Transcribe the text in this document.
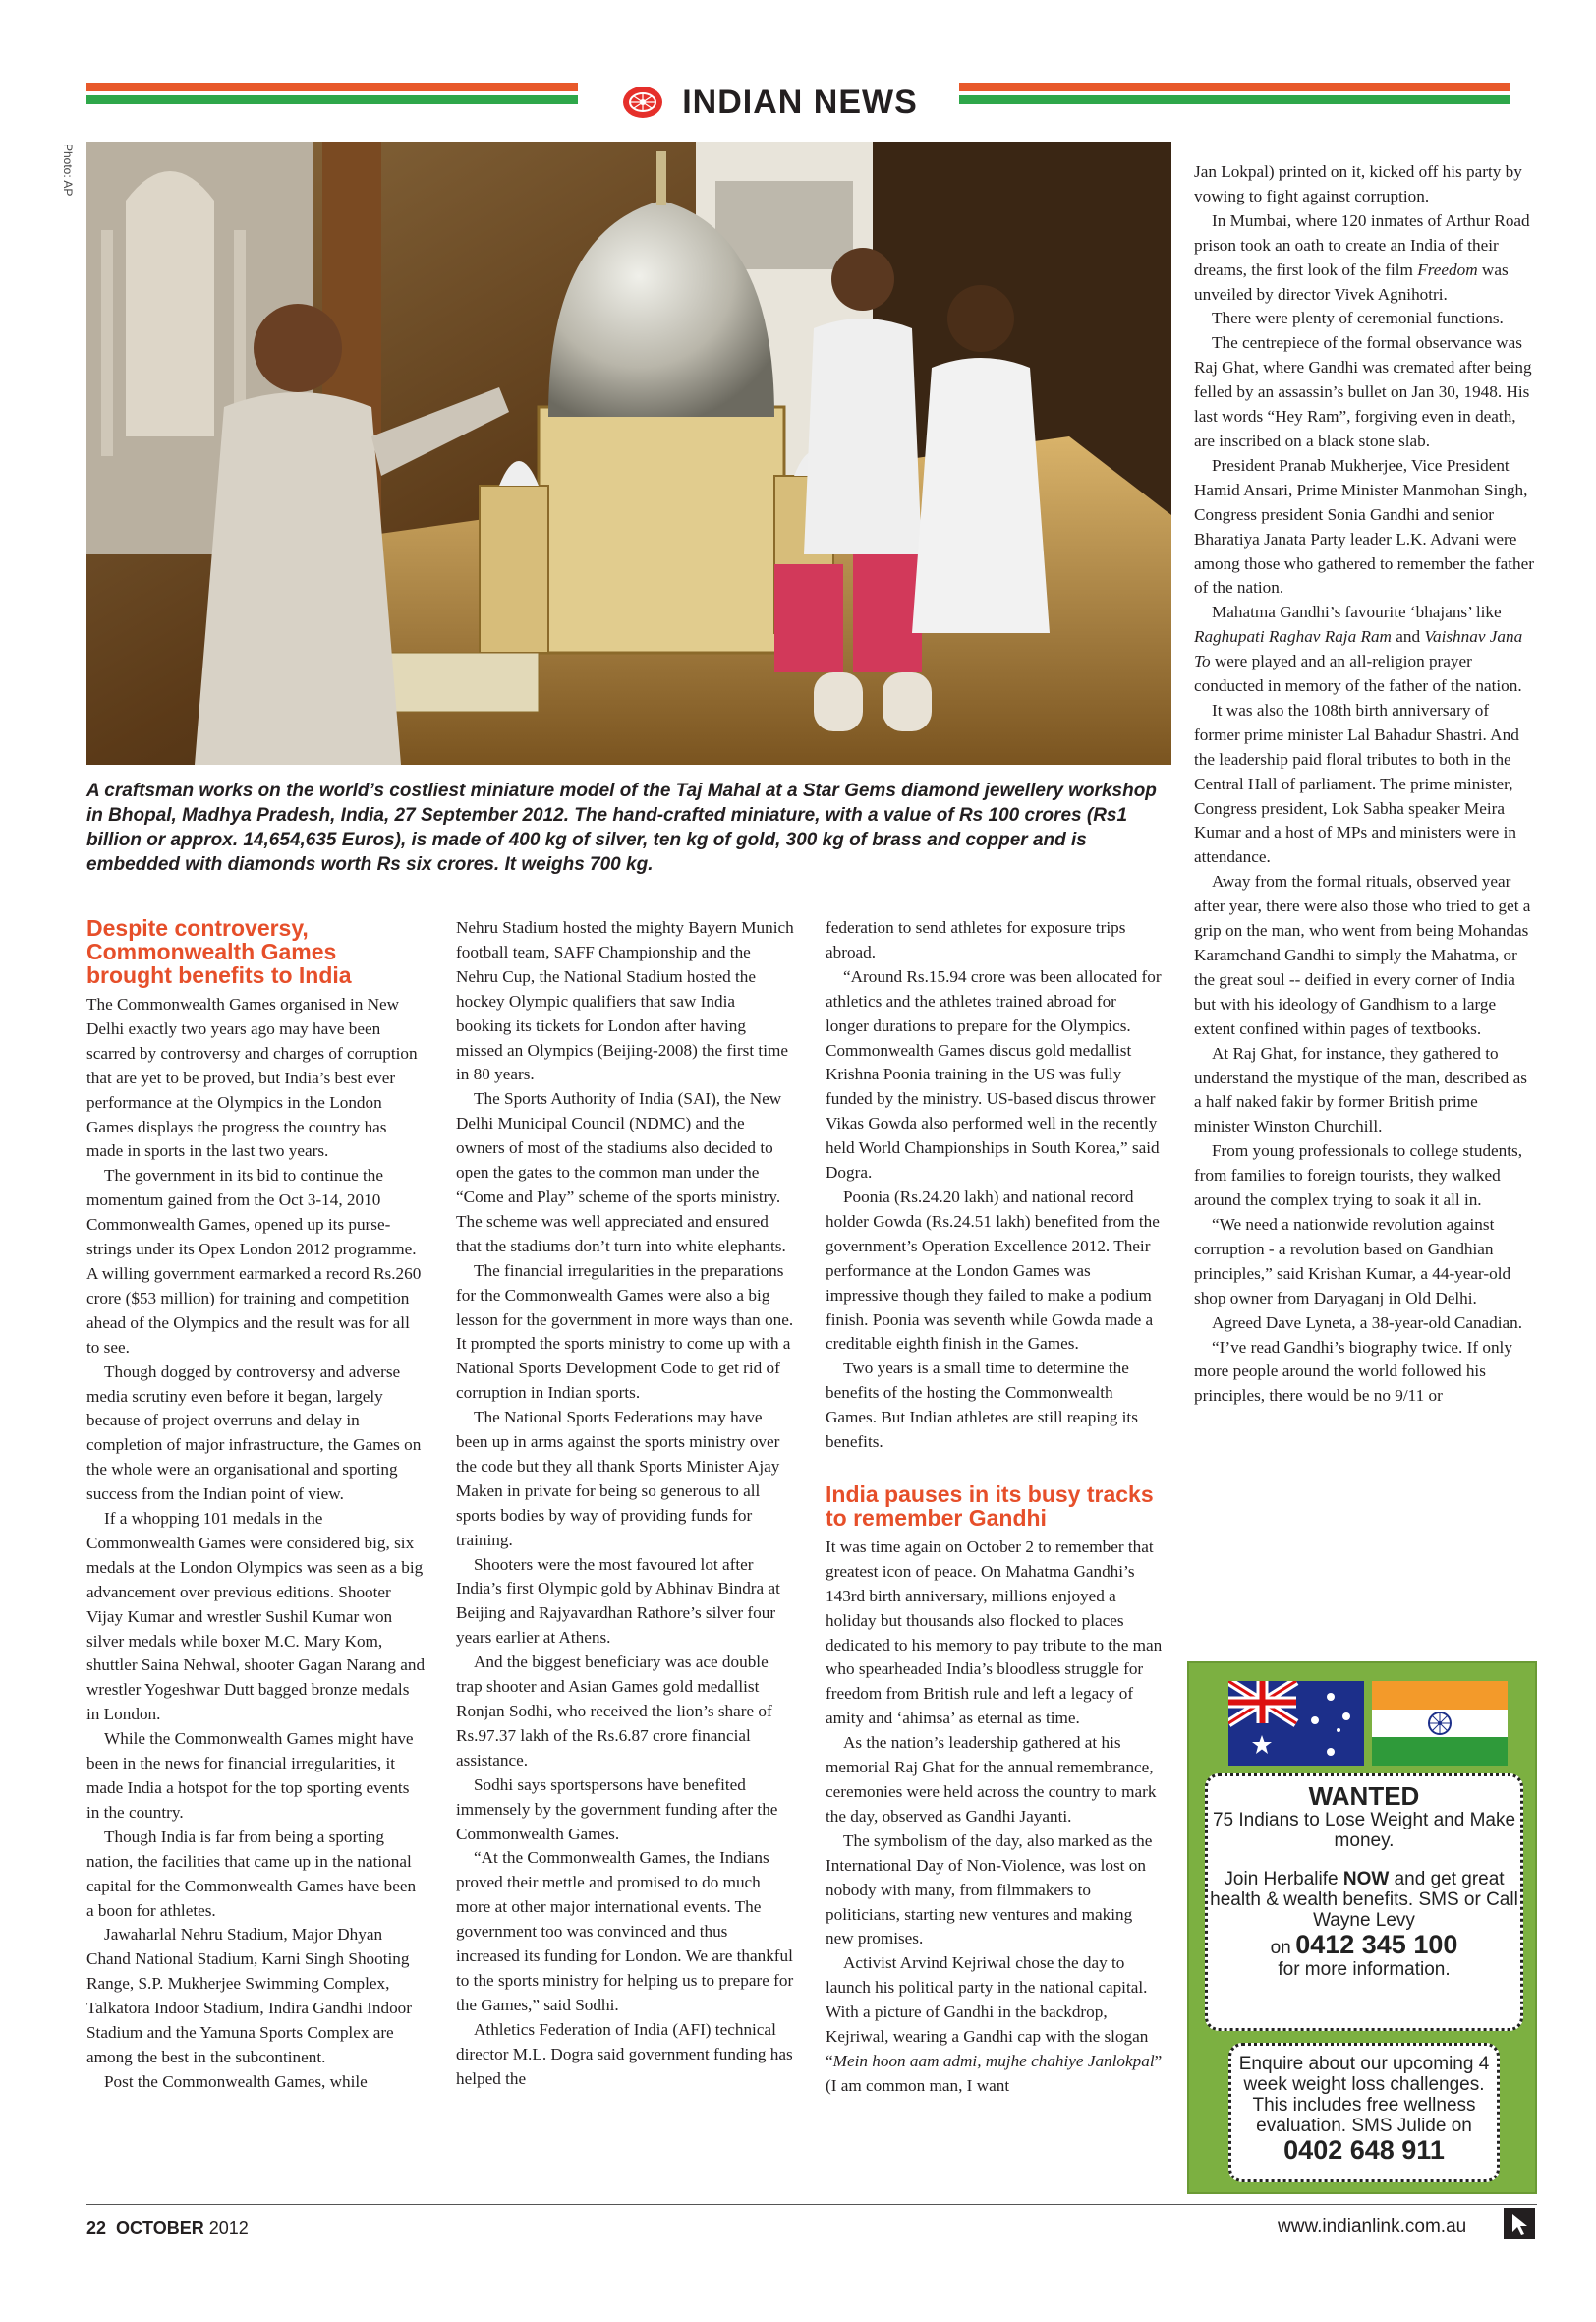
INDIAN NEWS
Photo: AP
A craftsman works on the world’s costliest miniature model of the Taj Mahal at a Star Gems diamond jewellery workshop in Bhopal, Madhya Pradesh, India, 27 September 2012. The hand-crafted miniature, with a value of Rs 100 crores (Rs1 billion or approx. 14,654,635 Euros), is made of 400 kg of silver, ten kg of gold, 300 kg of brass and copper and is embedded with diamonds worth Rs six crores. It weighs 700 kg.
Despite controversy, Commonwealth Games brought benefits to India

The Commonwealth Games organised in New Delhi exactly two years ago may have been scarred by controversy and charges of corruption that are yet to be proved, but India’s best ever performance at the Olympics in the London Games displays the progress the country has made in sports in the last two years.

The government in its bid to continue the momentum gained from the Oct 3-14, 2010 Commonwealth Games, opened up its purse-strings under its Opex London 2012 programme. A willing government earmarked a record Rs.260 crore ($53 million) for training and competition ahead of the Olympics and the result was for all to see.

Though dogged by controversy and adverse media scrutiny even before it began, largely because of project overruns and delay in completion of major infrastructure, the Games on the whole were an organisational and sporting success from the Indian point of view.

If a whopping 101 medals in the Commonwealth Games were considered big, six medals at the London Olympics was seen as a big advancement over previous editions. Shooter Vijay Kumar and wrestler Sushil Kumar won silver medals while boxer M.C. Mary Kom, shuttler Saina Nehwal, shooter Gagan Narang and wrestler Yogeshwar Dutt bagged bronze medals in London.

While the Commonwealth Games might have been in the news for financial irregularities, it made India a hotspot for the top sporting events in the country.

Though India is far from being a sporting nation, the facilities that came up in the national capital for the Commonwealth Games have been a boon for athletes.

Jawaharlal Nehru Stadium, Major Dhyan Chand National Stadium, Karni Singh Shooting Range, S.P. Mukherjee Swimming Complex, Talkatora Indoor Stadium, Indira Gandhi Indoor Stadium and the Yamuna Sports Complex are among the best in the subcontinent.

Post the Commonwealth Games, while

Nehru Stadium hosted the mighty Bayern Munich football team, SAFF Championship and the Nehru Cup, the National Stadium hosted the hockey Olympic qualifiers that saw India booking its tickets for London after having missed an Olympics (Beijing-2008) the first time in 80 years.

The Sports Authority of India (SAI), the New Delhi Municipal Council (NDMC) and the owners of most of the stadiums also decided to open the gates to the common man under the “Come and Play” scheme of the sports ministry. The scheme was well appreciated and ensured that the stadiums don’t turn into white elephants.

The financial irregularities in the preparations for the Commonwealth Games were also a big lesson for the government in more ways than one. It prompted the sports ministry to come up with a National Sports Development Code to get rid of corruption in Indian sports.

The National Sports Federations may have been up in arms against the sports ministry over the code but they all thank Sports Minister Ajay Maken in private for being so generous to all sports bodies by way of providing funds for training.

Shooters were the most favoured lot after India’s first Olympic gold by Abhinav Bindra at Beijing and Rajyavardhan Rathore’s silver four years earlier at Athens.

And the biggest beneficiary was ace double trap shooter and Asian Games gold medallist Ronjan Sodhi, who received the lion’s share of Rs.97.37 lakh of the Rs.6.87 crore financial assistance.

Sodhi says sportspersons have benefited immensely by the government funding after the Commonwealth Games.

“At the Commonwealth Games, the Indians proved their mettle and promised to do much more at other major international events. The government too was convinced and thus increased its funding for London. We are thankful to the sports ministry for helping us to prepare for the Games,” said Sodhi.

Athletics Federation of India (AFI) technical director M.L. Dogra said government funding has helped the

federation to send athletes for exposure trips abroad.

“Around Rs.15.94 crore was been allocated for athletics and the athletes trained abroad for longer durations to prepare for the Olympics. Commonwealth Games discus gold medallist Krishna Poonia training in the US was fully funded by the ministry. US-based discus thrower Vikas Gowda also performed well in the recently held World Championships in South Korea,” said Dogra.

Poonia (Rs.24.20 lakh) and national record holder Gowda (Rs.24.51 lakh) benefited from the government’s Operation Excellence 2012. Their performance at the London Games was impressive though they failed to make a podium finish. Poonia was seventh while Gowda made a creditable eighth finish in the Games.

Two years is a small time to determine the benefits of the hosting the Commonwealth Games. But Indian athletes are still reaping its benefits.

India pauses in its busy tracks to remember Gandhi

It was time again on October 2 to remember that greatest icon of peace. On Mahatma Gandhi’s 143rd birth anniversary, millions enjoyed a holiday but thousands also flocked to places dedicated to his memory to pay tribute to the man who spearheaded India’s bloodless struggle for freedom from British rule and left a legacy of amity and ‘ahimsa’ as eternal as time.

As the nation’s leadership gathered at his memorial Raj Ghat for the annual remembrance, ceremonies were held across the country to mark the day, observed as Gandhi Jayanti.

The symbolism of the day, also marked as the International Day of Non-Violence, was lost on nobody with many, from filmmakers to politicians, starting new ventures and making new promises.

Activist Arvind Kejriwal chose the day to launch his political party in the national capital. With a picture of Gandhi in the backdrop, Kejriwal, wearing a Gandhi cap with the slogan “Mein hoon aam admi, mujhe chahiye Janlokpal” (I am common man, I want

Jan Lokpal) printed on it, kicked off his party by vowing to fight against corruption.

In Mumbai, where 120 inmates of Arthur Road prison took an oath to create an India of their dreams, the first look of the film Freedom was unveiled by director Vivek Agnihotri.

There were plenty of ceremonial functions.

The centrepiece of the formal observance was Raj Ghat, where Gandhi was cremated after being felled by an assassin’s bullet on Jan 30, 1948. His last words “Hey Ram”, forgiving even in death, are inscribed on a black stone slab.

President Pranab Mukherjee, Vice President Hamid Ansari, Prime Minister Manmohan Singh, Congress president Sonia Gandhi and senior Bharatiya Janata Party leader L.K. Advani were among those who gathered to remember the father of the nation.

Mahatma Gandhi’s favourite ‘bhajans’ like Raghupati Raghav Raja Ram and Vaishnav Jana To were played and an all-religion prayer conducted in memory of the father of the nation.

It was also the 108th birth anniversary of former prime minister Lal Bahadur Shastri. And the leadership paid floral tributes to both in the Central Hall of parliament. The prime minister, Congress president, Lok Sabha speaker Meira Kumar and a host of MPs and ministers were in attendance.

Away from the formal rituals, observed year after year, there were also those who tried to get a grip on the man, who went from being Mohandas Karamchand Gandhi to simply the Mahatma, or the great soul -- deified in every corner of India but with his ideology of Gandhism to a large extent confined within pages of textbooks.

At Raj Ghat, for instance, they gathered to understand the mystique of the man, described as a half naked fakir by former British prime minister Winston Churchill.

From young professionals to college students, from families to foreign tourists, they walked around the complex trying to soak it all in.

“We need a nationwide revolution against corruption - a revolution based on Gandhian principles,” said Krishan Kumar, a 44-year-old shop owner from Daryaganj in Old Delhi.

Agreed Dave Lyneta, a 38-year-old Canadian.

“I’ve read Gandhi’s biography twice. If only more people around the world followed his principles, there would be no 9/11 or

WANTED
75 Indians to Lose Weight and Make money.
Join Herbalife NOW and get great health & wealth benefits. SMS or Call Wayne Levy
on 0412 345 100
for more information.
Enquire about our upcoming 4 week weight loss challenges. This includes free wellness evaluation. SMS Julide on
0402 648 911
22 OCTOBER 2012	www.indianlink.com.au
